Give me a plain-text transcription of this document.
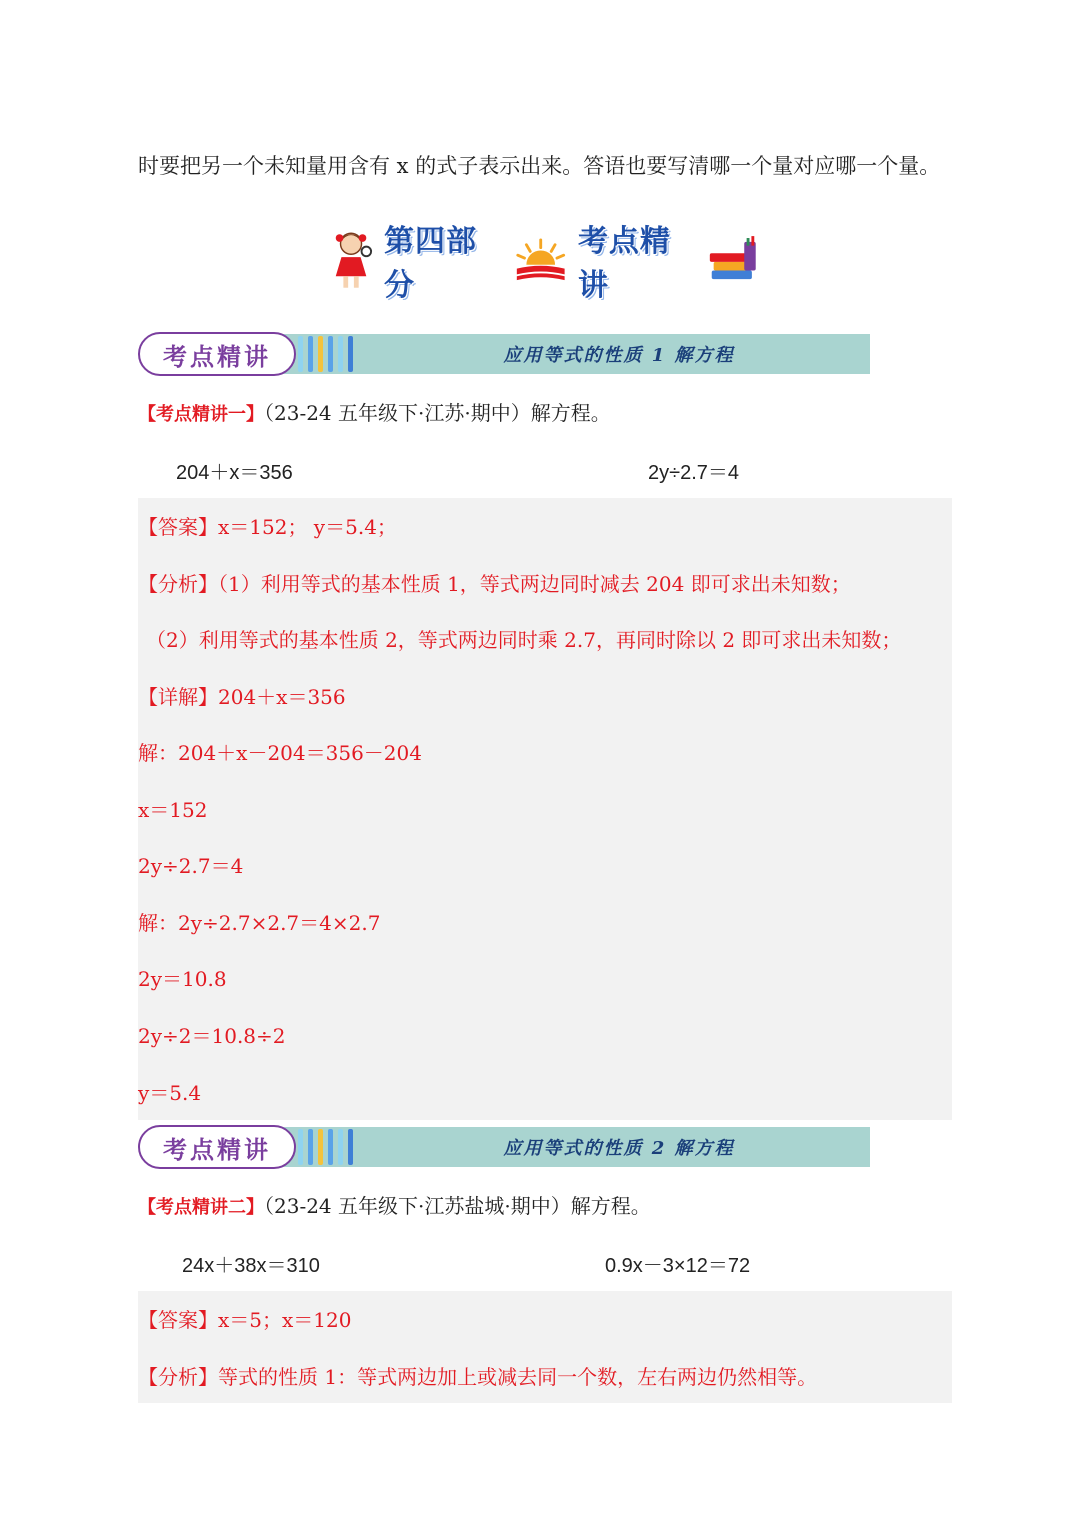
时要把另一个未知量用含有 x 的式子表示出来。答语也要写清哪一个量对应哪一个量。
第四部分
考点精讲
考点精讲	应用等式的性质 1 解方程
【考点精讲一】（23-24 五年级下·江苏·期中）解方程。
204＋x＝356	2y÷2.7＝4
【答案】x＝152； y＝5.4；
【分析】（1）利用等式的基本性质 1，等式两边同时减去 204 即可求出未知数；
（2）利用等式的基本性质 2，等式两边同时乘 2.7，再同时除以 2 即可求出未知数；
【详解】204＋x＝356
解：204＋x－204＝356－204
x＝152
2y÷2.7＝4
解：2y÷2.7×2.7＝4×2.7
2y＝10.8
2y÷2＝10.8÷2
y＝5.4
考点精讲	应用等式的性质 2 解方程
【考点精讲二】（23-24 五年级下·江苏盐城·期中）解方程。
24x＋38x＝310	0.9x－3×12＝72
【答案】x＝5；x＝120
【分析】等式的性质 1：等式两边加上或减去同一个数，左右两边仍然相等。
